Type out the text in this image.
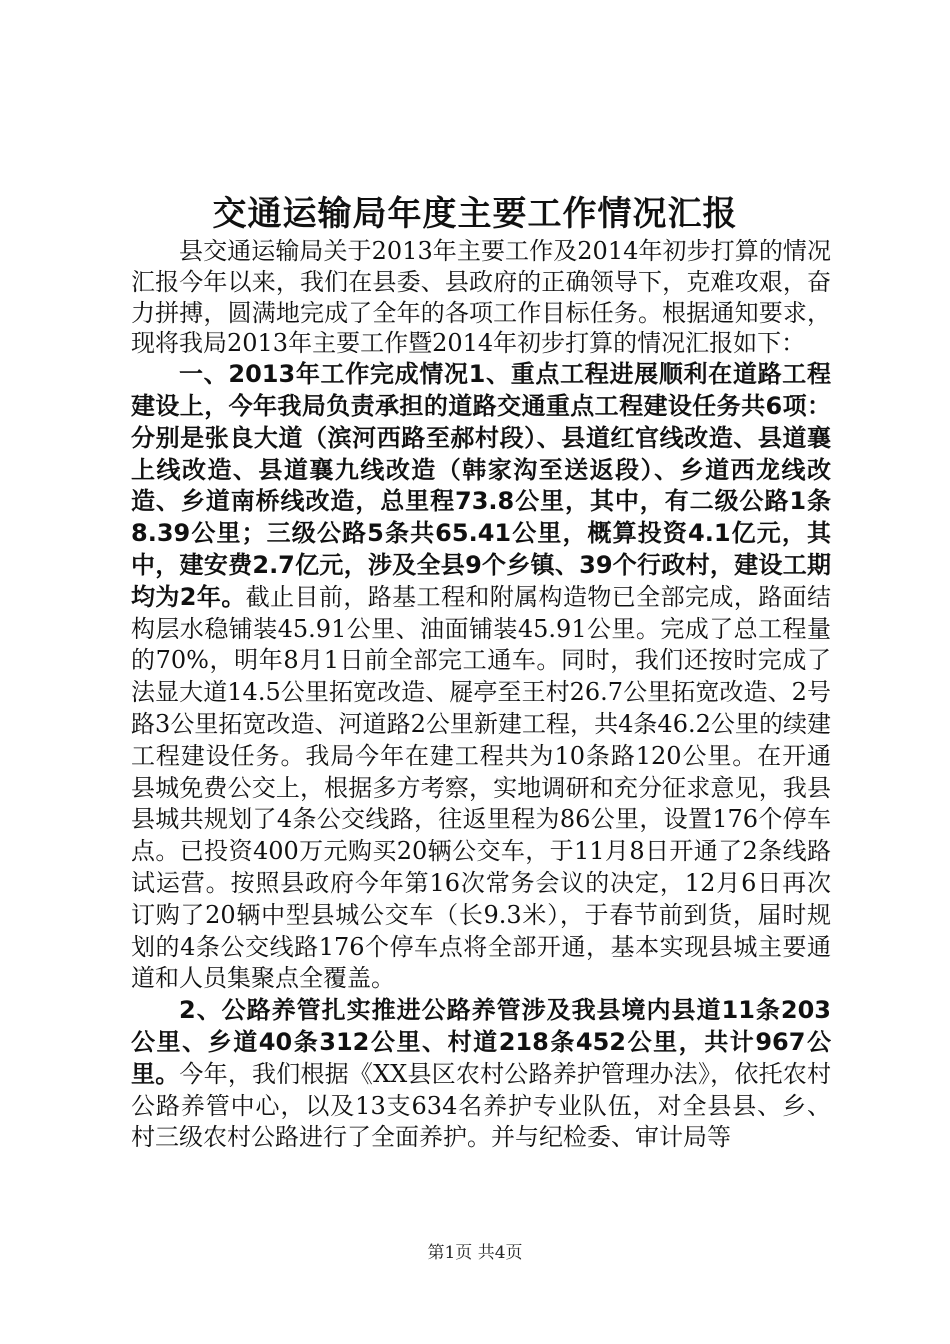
交通运输局年度主要工作情况汇报

县交通运输局关于2013年主要工作及2014年初步打算的情况汇报今年以来，我们在县委、县政府的正确领导下，克难攻艰，奋力拼搏，圆满地完成了全年的各项工作目标任务。根据通知要求，现将我局2013年主要工作暨2014年初步打算的情况汇报如下：

一、2013年工作完成情况1、重点工程进展顺利在道路工程建设上，今年我局负责承担的道路交通重点工程建设任务共6项：分别是张良大道（滨河西路至郝村段）、县道红官线改造、县道襄上线改造、县道襄九线改造（韩家沟至送返段）、乡道西龙线改造、乡道南桥线改造，总里程73.8公里，其中，有二级公路1条8.39公里；三级公路5条共65.41公里，概算投资4.1亿元，其中，建安费2.7亿元，涉及全县9个乡镇、39个行政村，建设工期均为2年。截止目前，路基工程和附属构造物已全部完成，路面结构层水稳铺装45.91公里、油面铺装45.91公里。完成了总工程量的70%，明年8月1日前全部完工通车。同时，我们还按时完成了法显大道14.5公里拓宽改造、屣亭至王村26.7公里拓宽改造、2号路3公里拓宽改造、河道路2公里新建工程，共4条46.2公里的续建工程建设任务。我局今年在建工程共为10条路120公里。在开通县城免费公交上，根据多方考察，实地调研和充分征求意见，我县县城共规划了4条公交线路，往返里程为86公里，设置176个停车点。已投资400万元购买20辆公交车，于11月8日开通了2条线路试运营。按照县政府今年第16次常务会议的决定，12月6日再次订购了20辆中型县城公交车（长9.3米），于春节前到货，届时规划的4条公交线路176个停车点将全部开通，基本实现县城主要通道和人员集聚点全覆盖。

2、公路养管扎实推进公路养管涉及我县境内县道11条203公里、乡道40条312公里、村道218条452公里，共计967公里。今年，我们根据《XX县区农村公路养护管理办法》，依托农村公路养管中心，以及13支634名养护专业队伍，对全县县、乡、村三级农村公路进行了全面养护。并与纪检委、审计局等

第1页 共4页
